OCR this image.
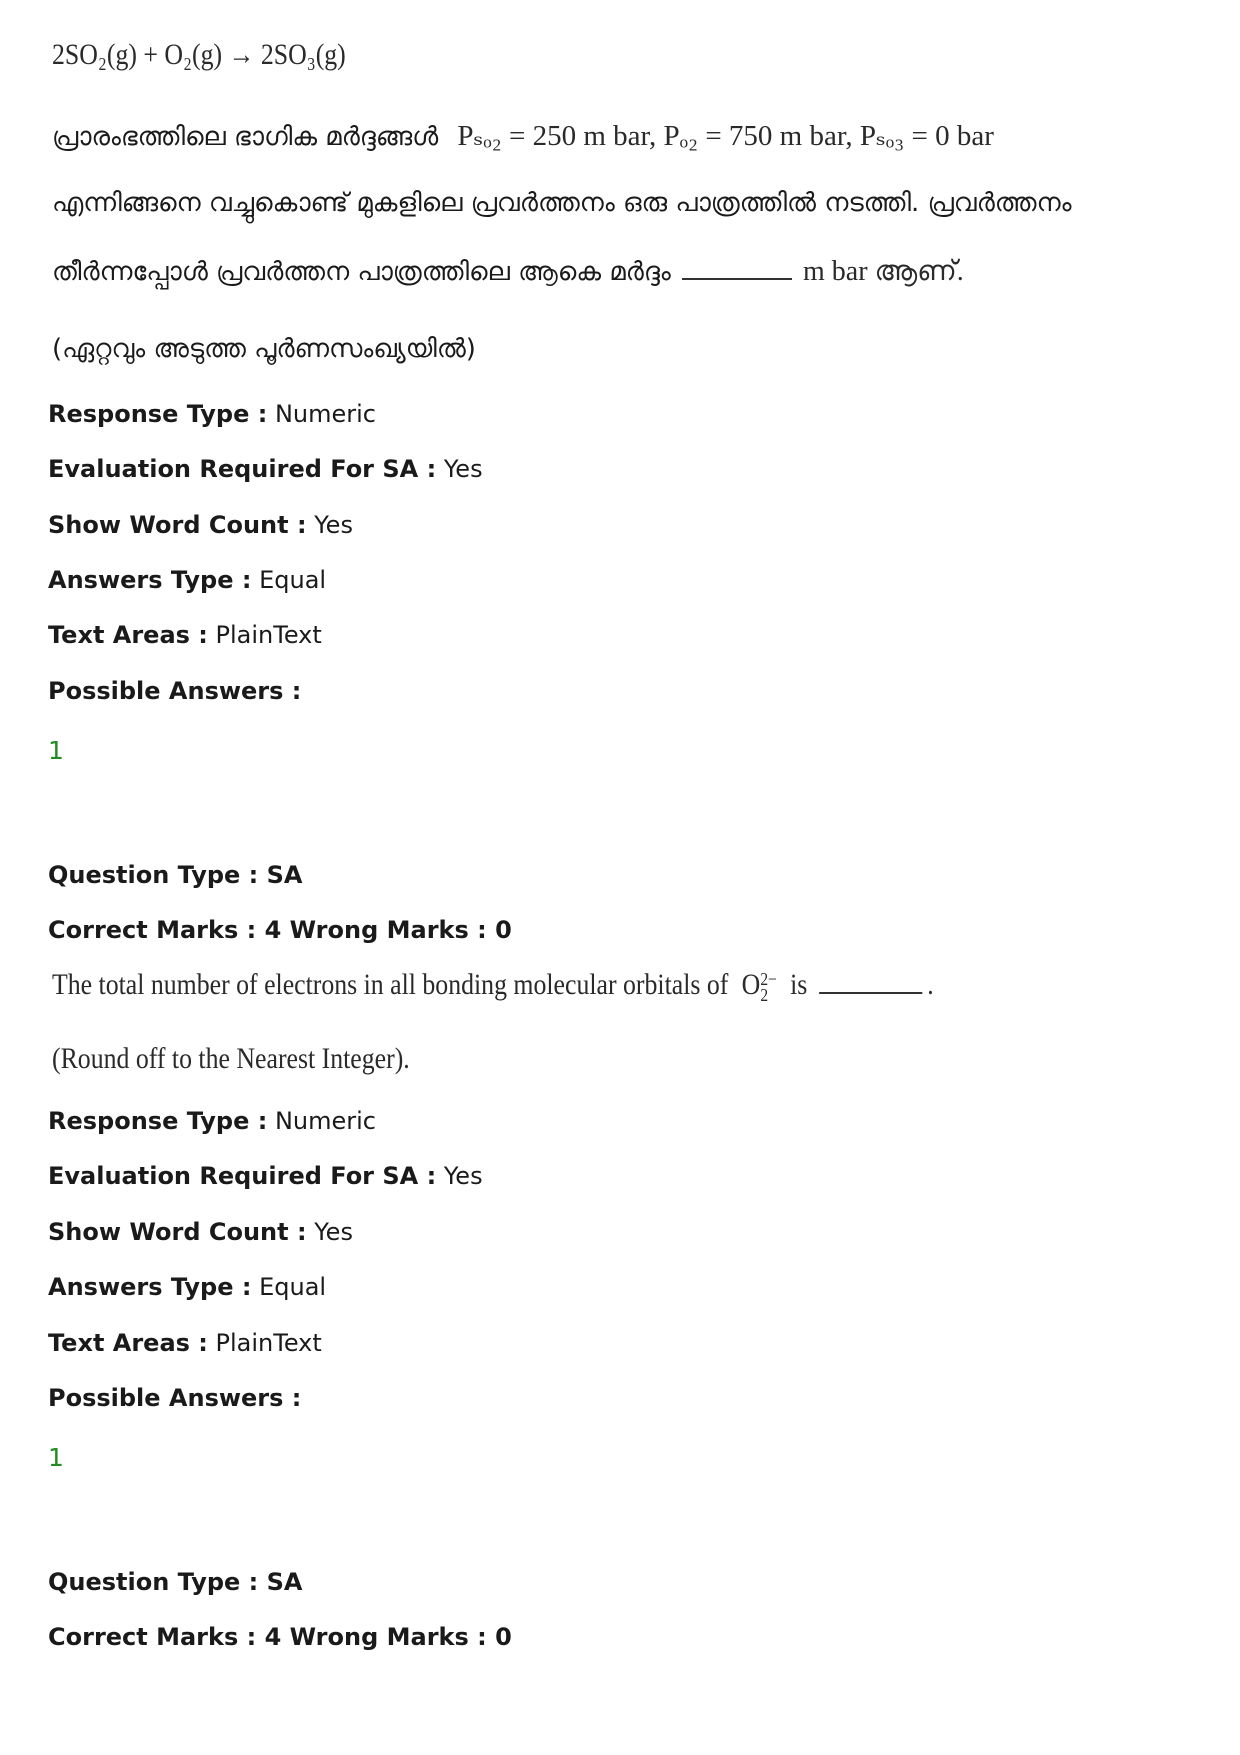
2SO₂(g) + O₂(g) → 2SO₃(g)
പ്രാരംഭത്തിലെ ഭാഗിക മർദ്ദങ്ങൾ Pₛₒ₂ = 250 m bar, Pₒ₂ = 750 m bar, Pₛₒ₃ = 0 bar
എന്നിങ്ങനെ വച്ചുകൊണ്ട് മുകളിലെ പ്രവർത്തനം ഒരു പാത്രത്തിൽ നടത്തി. പ്രവർത്തനം
തീർന്നപ്പോൾ പ്രവർത്തന പാത്രത്തിലെ ആകെ മർദ്ദം	m bar ആണ്.
(ഏറ്റവും അടുത്ത പൂർണസംഖ്യയിൽ)
Response Type : Numeric
Evaluation Required For SA : Yes
Show Word Count : Yes
Answers Type : Equal
Text Areas : PlainText
Possible Answers :
1
Question Type : SA
Correct Marks : 4 Wrong Marks : 0
The total number of electrons in all bonding molecular orbitals of O 2−
2 is	.
(Round off to the Nearest Integer).
Response Type : Numeric
Evaluation Required For SA : Yes
Show Word Count : Yes
Answers Type : Equal
Text Areas : PlainText
Possible Answers :
1
Question Type : SA
Correct Marks : 4 Wrong Marks : 0
